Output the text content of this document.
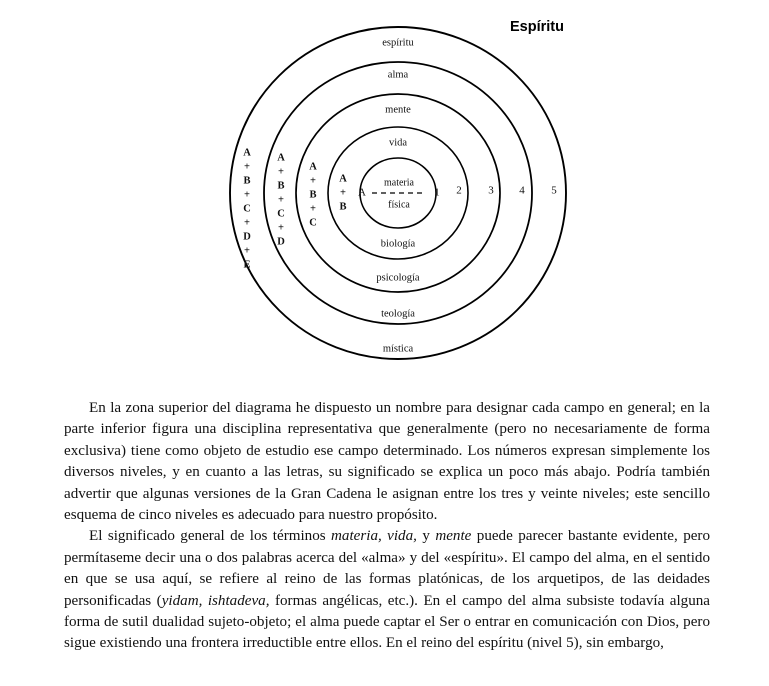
Espíritu
espíritu
alma
mente
vida
materia
física
A	1
biología
psicología
teología
mística
2 3 4 5
A
+
B
+
C
+
D
+
E
A
+
B
+
C
+
D
A
+
B
+
C
A
+
B

En la zona superior del diagrama he dispuesto un nombre para designar cada campo en general; en la parte inferior figura una disciplina representativa que generalmente (pero no necesariamente de forma exclusiva) tiene como objeto de estudio ese campo determinado. Los números expresan simplemente los diversos niveles, y en cuanto a las letras, su significado se explica un poco más abajo. Podría también advertir que algunas versiones de la Gran Cadena le asignan entre los tres y veinte niveles; este sencillo esquema de cinco niveles es adecuado para nuestro propósito.

El significado general de los términos materia, vida, y mente puede parecer bastante evidente, pero permítaseme decir una o dos palabras acerca del «alma» y del «espíritu». El campo del alma, en el sentido en que se usa aquí, se refiere al reino de las formas platónicas, de los arquetipos, de las deidades personificadas (yidam, ishtadeva, formas angélicas, etc.). En el campo del alma subsiste todavía alguna forma de sutil dualidad sujeto-objeto; el alma puede captar el Ser o entrar en comunicación con Dios, pero sigue existiendo una frontera irreductible entre ellos. En el reino del espíritu (nivel 5), sin embargo,
